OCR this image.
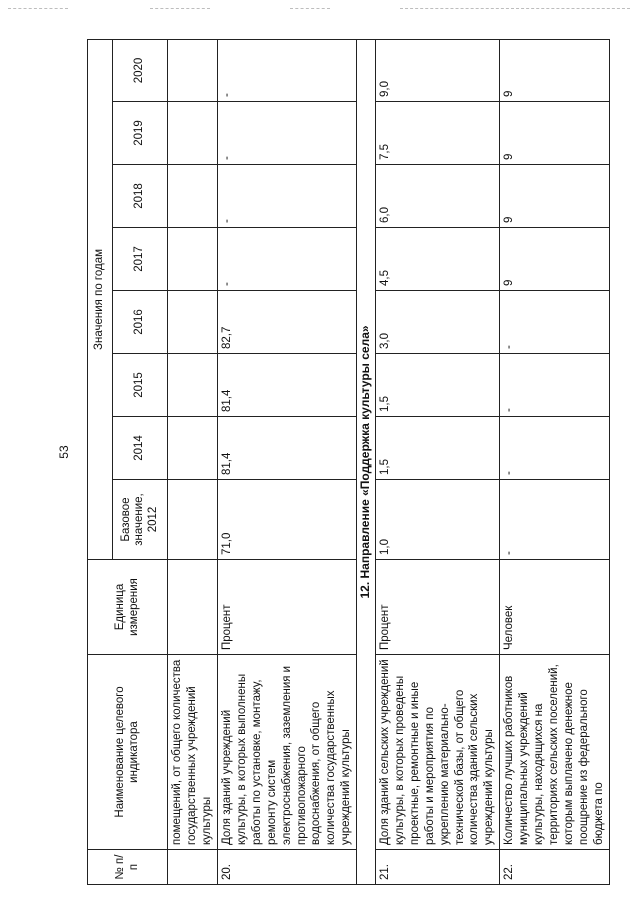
53
№ п/п	Наименование целевого индикатора	Единица измерения	Значения по годам							
			Базовое значение, 2012	2014	2015	2016	2017	2018	2019	2020
	помещений, от общего количества государственных учреждений культуры									
20.	Доля зданий учреждений культуры, в которых выполнены работы по установке, монтажу, ремонту систем электроснабжения, заземления и противопожарного водоснабжения, от общего количества государственных учреждений культуры	Процент	71,0	81,4	81,4	82,7	-	-	-	-
12. Направление «Поддержка культуры села»										
21.	Доля зданий сельских учреждений культуры, в которых проведены проектные, ремонтные и иные работы и мероприятия по укреплению материально-технической базы, от общего количества зданий сельских учреждений культуры	Процент	1,0	1,5	1,5	3,0	4,5	6,0	7,5	9,0
22.	Количество лучших работников муниципальных учреждений культуры, находящихся на территориях сельских поселений, которым выплачено денежное поощрение из федерального бюджета по	Человек	-	-	-	-	9	9	9	9
